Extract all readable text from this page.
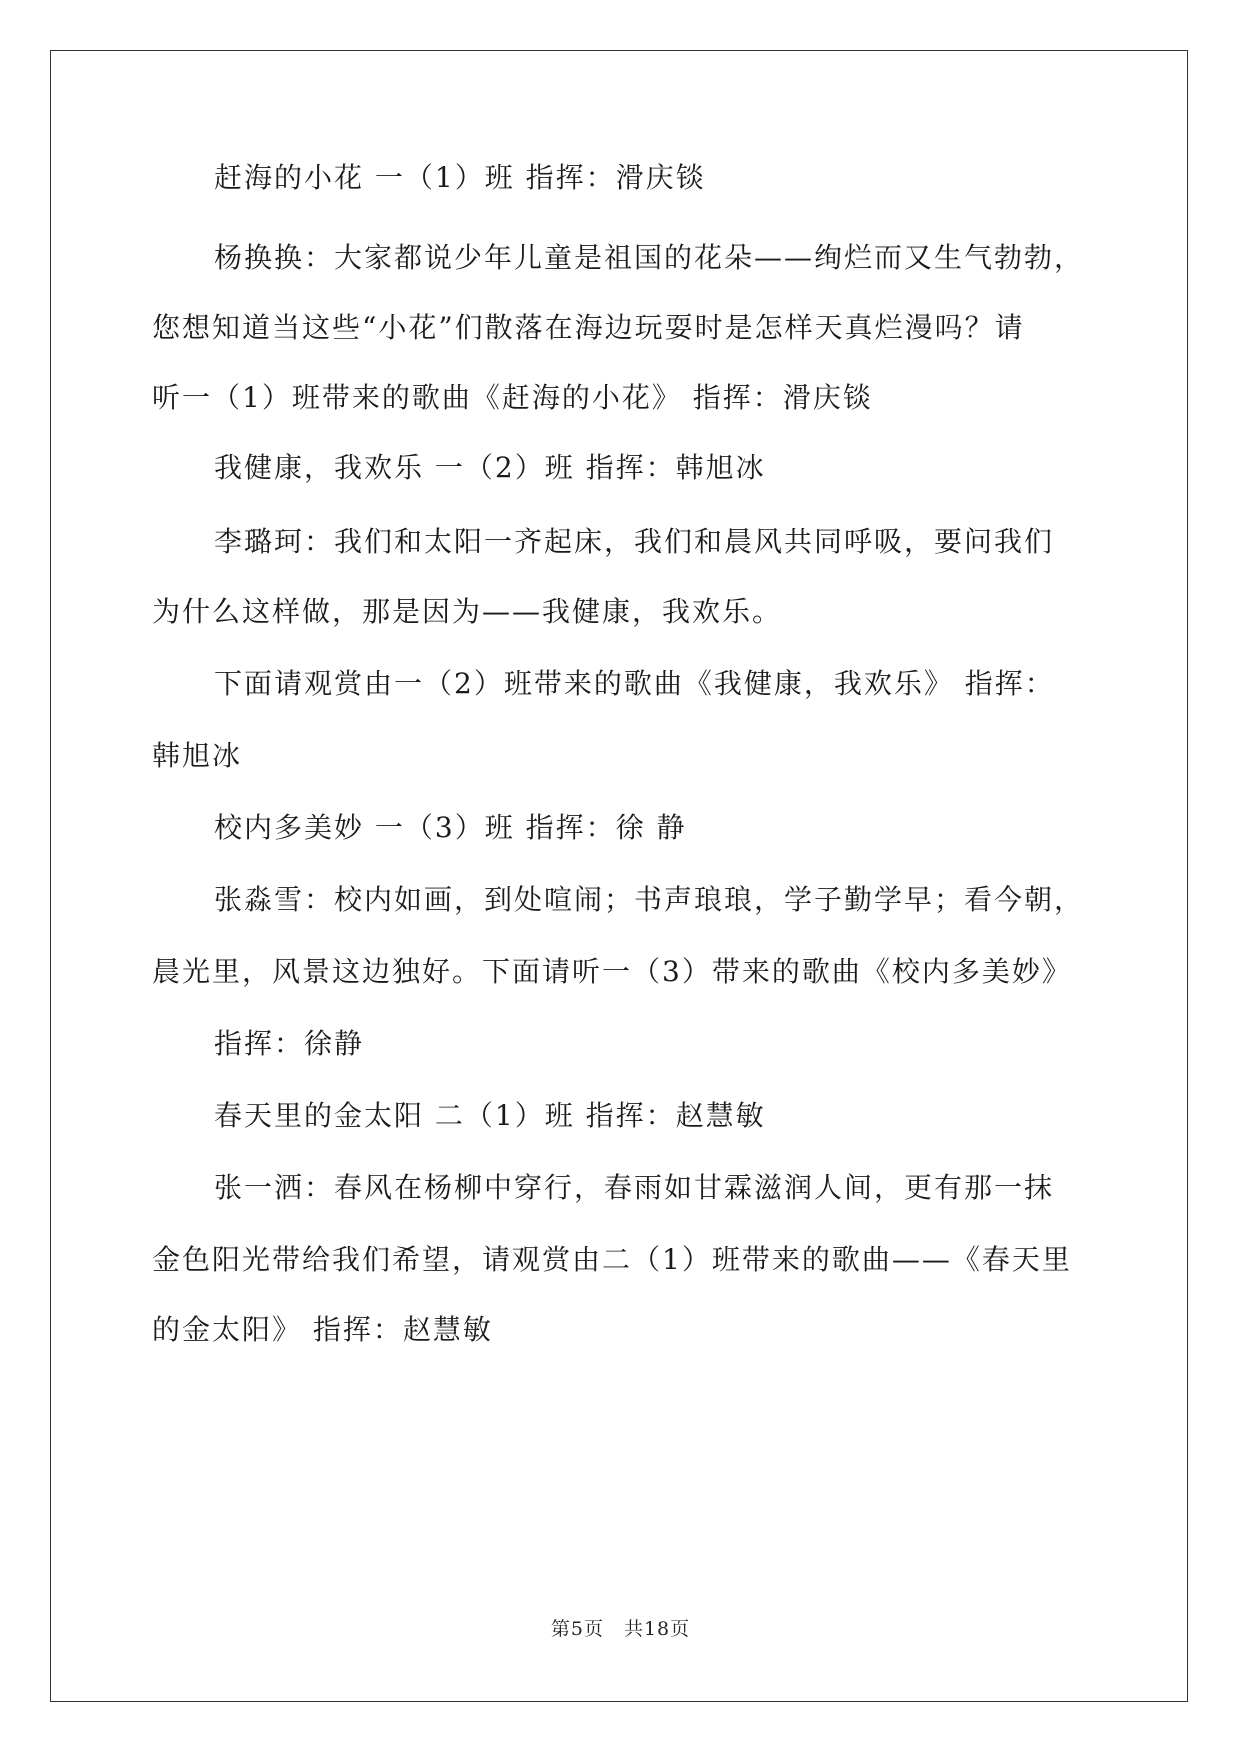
赶海的小花 一（1）班 指挥：滑庆锬
杨换换：大家都说少年儿童是祖国的花朵——绚烂而又生气勃勃，
您想知道当这些“小花”们散落在海边玩耍时是怎样天真烂漫吗？请
听一（1）班带来的歌曲《赶海的小花》 指挥：滑庆锬
我健康，我欢乐 一（2）班 指挥：韩旭冰
李璐珂：我们和太阳一齐起床，我们和晨风共同呼吸，要问我们
为什么这样做，那是因为——我健康，我欢乐。
下面请观赏由一（2）班带来的歌曲《我健康，我欢乐》 指挥：
韩旭冰
校内多美妙 一（3）班 指挥：徐 静
张淼雪：校内如画，到处喧闹；书声琅琅，学子勤学早；看今朝，
晨光里，风景这边独好。下面请听一（3）带来的歌曲《校内多美妙》
指挥：徐静
春天里的金太阳 二（1）班 指挥：赵慧敏
张一洒：春风在杨柳中穿行，春雨如甘霖滋润人间，更有那一抹
金色阳光带给我们希望，请观赏由二（1）班带来的歌曲——《春天里
的金太阳》 指挥：赵慧敏
第5页　共18页
